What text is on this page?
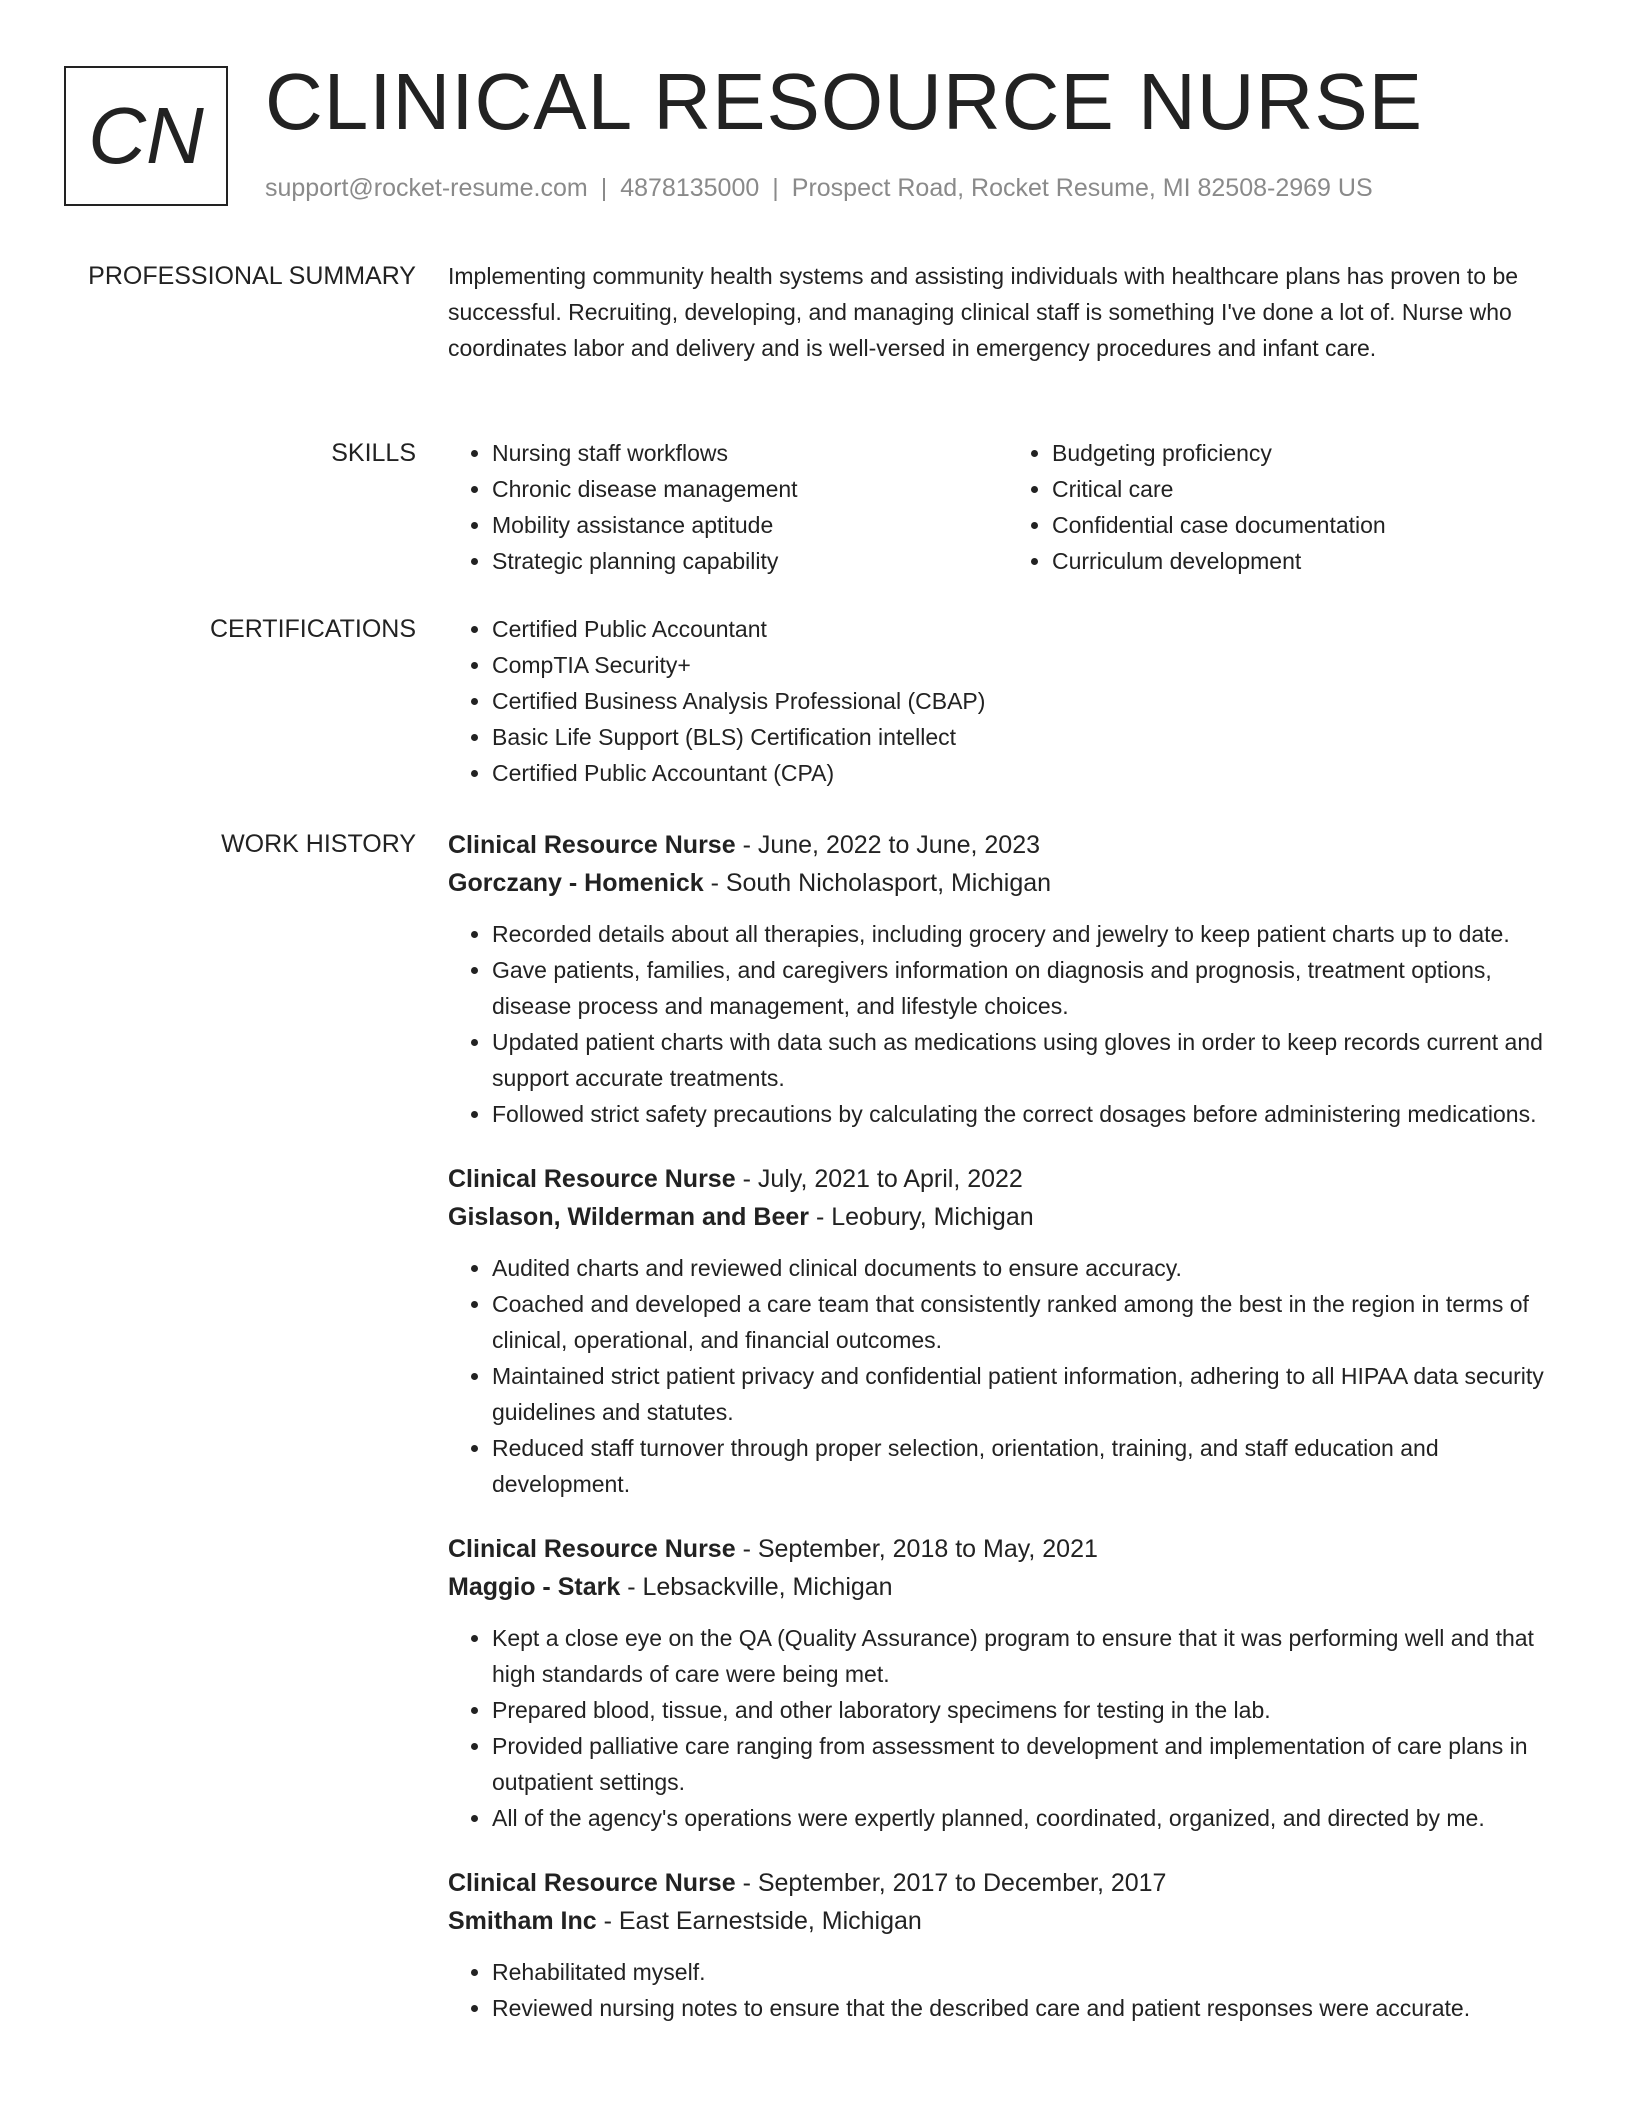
CN CLINICAL RESOURCE NURSE
support@rocket-resume.com | 4878135000 | Prospect Road, Rocket Resume, MI 82508-2969 US
PROFESSIONAL SUMMARY Implementing community health systems and assisting individuals with healthcare plans has proven to be successful. Recruiting, developing, and managing clinical staff is something I've done a lot of. Nurse who coordinates labor and delivery and is well-versed in emergency procedures and infant care.

SKILLS	• Nursing staff workflows
• Chronic disease management
• Mobility assistance aptitude
• Strategic planning capability
• Budgeting proficiency
• Critical care
• Confidential case documentation
• Curriculum development
CERTIFICATIONS	• Certified Public Accountant
• CompTIA Security+
• Certified Business Analysis Professional (CBAP)
• Basic Life Support (BLS) Certification intellect
• Certified Public Accountant (CPA)
WORK HISTORY Clinical Resource Nurse - June, 2022 to June, 2023
Gorczany - Homenick - South Nicholasport, Michigan
• Recorded details about all therapies, including grocery and jewelry to keep patient charts up to date.
• Gave patients, families, and caregivers information on diagnosis and prognosis, treatment options, disease process and management, and lifestyle choices.
• Updated patient charts with data such as medications using gloves in order to keep records current and support accurate treatments.
• Followed strict safety precautions by calculating the correct dosages before administering medications.
Clinical Resource Nurse - July, 2021 to April, 2022
Gislason, Wilderman and Beer - Leobury, Michigan
• Audited charts and reviewed clinical documents to ensure accuracy.
• Coached and developed a care team that consistently ranked among the best in the region in terms of clinical, operational, and financial outcomes.
• Maintained strict patient privacy and confidential patient information, adhering to all HIPAA data security guidelines and statutes.
• Reduced staff turnover through proper selection, orientation, training, and staff education and development.
Clinical Resource Nurse - September, 2018 to May, 2021
Maggio - Stark - Lebsackville, Michigan
• Kept a close eye on the QA (Quality Assurance) program to ensure that it was performing well and that high standards of care were being met.
• Prepared blood, tissue, and other laboratory specimens for testing in the lab.
• Provided palliative care ranging from assessment to development and implementation of care plans in outpatient settings.
• All of the agency's operations were expertly planned, coordinated, organized, and directed by me.
Clinical Resource Nurse - September, 2017 to December, 2017
Smitham Inc - East Earnestside, Michigan
• Rehabilitated myself.
• Reviewed nursing notes to ensure that the described care and patient responses were accurate.
